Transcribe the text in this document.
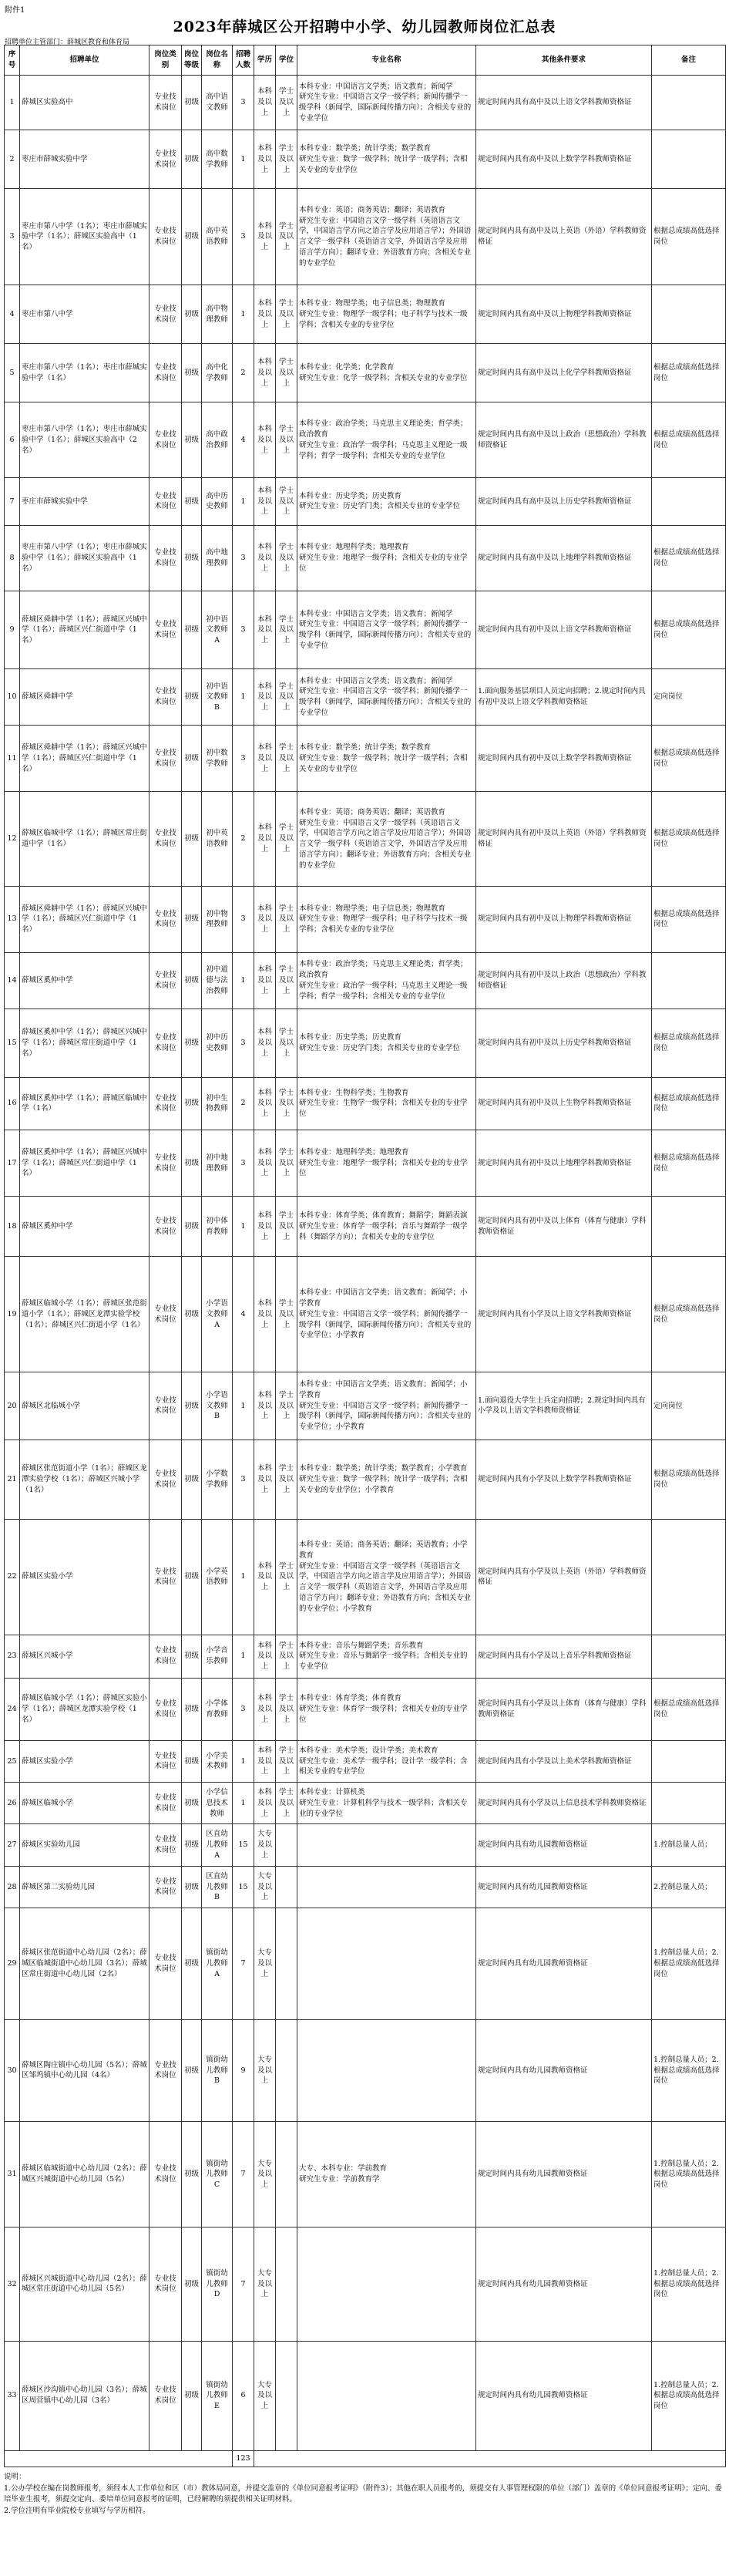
附件1
2023年薛城区公开招聘中小学、幼儿园教师岗位汇总表
招聘单位主管部门：薛城区教育和体育局
序号	招聘单位	岗位类别	岗位等级	岗位名称	招聘人数	学历	学位	专业名称	其他条件要求	备注
1	薛城区实验高中	专业技术岗位	初级	高中语文教师	3	本科及以上	学士及以上	本科专业：中国语言文学类；语文教育；新闻学

研究生专业：中国语言文学一级学科；新闻传播学一级学科（新闻学，国际新闻传播方向）；含相关专业的专业学位	规定时间内具有高中及以上语文学科教师资格证	
2	枣庄市薛城实验中学	专业技术岗位	初级	高中数学教师	1	本科及以上	学士及以上	本科专业：数学类；统计学类；数学教育

研究生专业：数学一级学科；统计学一级学科；含相关专业的专业学位	规定时间内具有高中及以上数学学科教师资格证	
3	枣庄市第八中学（1名）；枣庄市薛城实验中学（1名）；薛城区实验高中（1名）	专业技术岗位	初级	高中英语教师	3	本科及以上	学士及以上	本科专业：英语；商务英语；翻译；英语教育

研究生专业：中国语言文学一级学科（英语语言文学，中国语言学方向之语言学及应用语言学）；外国语言文学一级学科（英语语言文学，外国语言学及应用语言学方向）；翻译专业；外语教育方向；含相关专业的专业学位	规定时间内具有高中及以上英语（外语）学科教师资格证	根据总成绩高低选择岗位
4	枣庄市第八中学	专业技术岗位	初级	高中物理教师	1	本科及以上	学士及以上	本科专业：物理学类；电子信息类；物理教育

研究生专业：物理学一级学科；电子科学与技术一级学科；含相关专业的专业学位	规定时间内具有高中及以上物理学科教师资格证	
5	枣庄市第八中学（1名）；枣庄市薛城实验中学（1名）	专业技术岗位	初级	高中化学教师	2	本科及以上	学士及以上	本科专业：化学类；化学教育

研究生专业：化学一级学科；含相关专业的专业学位	规定时间内具有高中及以上化学学科教师资格证	根据总成绩高低选择岗位
6	枣庄市第八中学（1名）；枣庄市薛城实验中学（1名）；薛城区实验高中（2名）	专业技术岗位	初级	高中政治教师	4	本科及以上	学士及以上	本科专业：政治学类；马克思主义理论类；哲学类；政治教育

研究生专业：政治学一级学科；马克思主义理论一级学科；哲学一级学科；含相关专业的专业学位	规定时间内具有高中及以上政治（思想政治）学科教师资格证	根据总成绩高低选择岗位
7	枣庄市薛城实验中学	专业技术岗位	初级	高中历史教师	1	本科及以上	学士及以上	本科专业：历史学类；历史教育

研究生专业：历史学门类；含相关专业的专业学位	规定时间内具有高中及以上历史学科教师资格证	
8	枣庄市第八中学（1名）；枣庄市薛城实验中学（1名）；薛城区实验高中（1名）	专业技术岗位	初级	高中地理教师	3	本科及以上	学士及以上	本科专业：地理科学类；地理教育

研究生专业：地理学一级学科；含相关专业的专业学位	规定时间内具有高中及以上地理学科教师资格证	根据总成绩高低选择岗位
9	薛城区舜耕中学（1名）；薛城区兴城中学（1名）；薛城区兴仁街道中学（1名）	专业技术岗位	初级	初中语文教师A	3	本科及以上	学士及以上	本科专业：中国语言文学类；语文教育；新闻学

研究生专业：中国语言文学一级学科；新闻传播学一级学科（新闻学，国际新闻传播方向）；含相关专业的专业学位	规定时间内具有初中及以上语文学科教师资格证	根据总成绩高低选择岗位
10	薛城区舜耕中学	专业技术岗位	初级	初中语文教师B	1	本科及以上	学士及以上	本科专业：中国语言文学类；语文教育；新闻学

研究生专业：中国语言文学一级学科；新闻传播学一级学科（新闻学，国际新闻传播方向）；含相关专业的专业学位	1.面向服务基层项目人员定向招聘；2.规定时间内具有初中及以上语文学科教师资格证	定向岗位
11	薛城区舜耕中学（1名）；薛城区兴城中学（1名）；薛城区兴仁街道中学（1名）	专业技术岗位	初级	初中数学教师	3	本科及以上	学士及以上	本科专业：数学类；统计学类；数学教育

研究生专业：数学一级学科；统计学一级学科；含相关专业的专业学位	规定时间内具有初中及以上数学学科教师资格证	根据总成绩高低选择岗位
12	薛城区临城中学（1名）；薛城区常庄街道中学（1名）	专业技术岗位	初级	初中英语教师	2	本科及以上	学士及以上	本科专业：英语；商务英语；翻译；英语教育

研究生专业：中国语言文学一级学科（英语语言文学，中国语言学方向之语言学及应用语言学）；外国语言文学一级学科（英语语言文学，外国语言学及应用语言学方向）；翻译专业；外语教育方向；含相关专业的专业学位	规定时间内具有初中及以上英语（外语）学科教师资格证	根据总成绩高低选择岗位
13	薛城区舜耕中学（1名）；薛城区兴城中学（1名）；薛城区兴仁街道中学（1名）	专业技术岗位	初级	初中物理教师	3	本科及以上	学士及以上	本科专业：物理学类；电子信息类；物理教育

研究生专业：物理学一级学科；电子科学与技术一级学科；含相关专业的专业学位	规定时间内具有初中及以上物理学科教师资格证	根据总成绩高低选择岗位
14	薛城区奚仲中学	专业技术岗位	初级	初中道德与法治教师	1	本科及以上	学士及以上	本科专业：政治学类；马克思主义理论类；哲学类；政治教育

研究生专业：政治学一级学科；马克思主义理论一级学科；哲学一级学科；含相关专业的专业学位	规定时间内具有初中及以上政治（思想政治）学科教师资格证	
15	薛城区奚仲中学（1名）；薛城区兴城中学（1名）；薛城区常庄街道中学（1名）	专业技术岗位	初级	初中历史教师	3	本科及以上	学士及以上	本科专业：历史学类；历史教育

研究生专业：历史学门类；含相关专业的专业学位	规定时间内具有初中及以上历史学科教师资格证	根据总成绩高低选择岗位
16	薛城区奚仲中学（1名）；薛城区临城中学（1名）	专业技术岗位	初级	初中生物教师	2	本科及以上	学士及以上	本科专业：生物科学类；生物教育

研究生专业：生物学一级学科；含相关专业的专业学位	规定时间内具有初中及以上生物学科教师资格证	根据总成绩高低选择岗位
17	薛城区奚仲中学（1名）；薛城区兴城中学（1名）；薛城区兴仁街道中学（1名）	专业技术岗位	初级	初中地理教师	3	本科及以上	学士及以上	本科专业：地理科学类；地理教育

研究生专业：地理学一级学科；含相关专业的专业学位	规定时间内具有初中及以上地理学科教师资格证	根据总成绩高低选择岗位
18	薛城区奚仲中学	专业技术岗位	初级	初中体育教师	1	本科及以上	学士及以上	本科专业：体育学类；体育教育；舞蹈学；舞蹈表演

研究生专业：体育学一级学科；音乐与舞蹈学一级学科（舞蹈学方向）；含相关专业的专业学位	规定时间内具有初中及以上体育（体育与健康）学科教师资格证	
19	薛城区临城小学（1名）；薛城区张范街道小学（1名）；薛城区龙潭实验学校（1名）；薛城区兴仁街道小学（1名）	专业技术岗位	初级	小学语文教师A	4	本科及以上	学士及以上	本科专业：中国语言文学类；语文教育；新闻学；小学教育

研究生专业：中国语言文学一级学科；新闻传播学一级学科（新闻学，国际新闻传播方向）；含相关专业的专业学位；小学教育	规定时间内具有小学及以上语文学科教师资格证	根据总成绩高低选择岗位
20	薛城区北临城小学	专业技术岗位	初级	小学语文教师B	1	本科及以上	学士及以上	本科专业：中国语言文学类；语文教育；新闻学；小学教育

研究生专业：中国语言文学一级学科；新闻传播学一级学科（新闻学，国际新闻传播方向）；含相关专业的专业学位；小学教育	1.面向退役大学生士兵定向招聘；2.规定时间内具有小学及以上语文学科教师资格证	定向岗位
21	薛城区张范街道小学（1名）；薛城区龙潭实验学校（1名）；薛城区兴城小学（1名）	专业技术岗位	初级	小学数学教师	3	本科及以上	学士及以上	本科专业：数学类；统计学类；数学教育；小学教育

研究生专业：数学一级学科；统计学一级学科；含相关专业的专业学位；小学教育	规定时间内具有小学及以上数学学科教师资格证	根据总成绩高低选择岗位
22	薛城区实验小学	专业技术岗位	初级	小学英语教师	1	本科及以上	学士及以上	本科专业：英语；商务英语；翻译；英语教育；小学教育

研究生专业：中国语言文学一级学科（英语语言文学，中国语言学方向之语言学及应用语言学）；外国语言文学一级学科（英语语言文学，外国语言学及应用语言学方向）；翻译专业；外语教育方向；含相关专业的专业学位；小学教育	规定时间内具有小学及以上英语（外语）学科教师资格证	
23	薛城区兴城小学	专业技术岗位	初级	小学音乐教师	1	本科及以上	学士及以上	本科专业：音乐与舞蹈学类；音乐教育

研究生专业：音乐与舞蹈学一级学科；含相关专业的专业学位	规定时间内具有小学及以上音乐学科教师资格证	
24	薛城区临城小学（1名）；薛城区实验小学（1名）；薛城区龙潭实验学校（1名）	专业技术岗位	初级	小学体育教师	3	本科及以上	学士及以上	本科专业：体育学类；体育教育

研究生专业：体育学一级学科；含相关专业的专业学位	规定时间内具有小学及以上体育（体育与健康）学科教师资格证	根据总成绩高低选择岗位
25	薛城区实验小学	专业技术岗位	初级	小学美术教师	1	本科及以上	学士及以上	本科专业：美术学类；设计学类；美术教育

研究生专业：美术学一级学科；设计学一级学科；含相关专业的专业学位	规定时间内具有小学及以上美术学科教师资格证	
26	薛城区临城小学	专业技术岗位	初级	小学信息技术教师	1	本科及以上	学士及以上	本科专业：计算机类

研究生专业：计算机科学与技术一级学科；含相关专业的专业学位	规定时间内具有小学及以上信息技术学科教师资格证	
27	薛城区实验幼儿园	专业技术岗位	初级	区直幼儿教师A	15	大专及以上			规定时间内具有幼儿园教师资格证	1.控制总量人员；
28	薛城区第二实验幼儿园	专业技术岗位	初级	区直幼儿教师B	15	大专及以上			规定时间内具有幼儿园教师资格证	2.控制总量人员；
29	薛城区张范街道中心幼儿园（2名）；薛城区临城街道中心幼儿园（3名）；薛城区常庄街道中心幼儿园（2名）	专业技术岗位	初级	镇街幼儿教师A	7	大专及以上			规定时间内具有幼儿园教师资格证	1.控制总量人员；2.根据总成绩高低选择岗位
30	薛城区陶庄镇中心幼儿园（5名）；薛城区邹坞镇中心幼儿园（4名）	专业技术岗位	初级	镇街幼儿教师B	9	大专及以上			规定时间内具有幼儿园教师资格证	1.控制总量人员；2.根据总成绩高低选择岗位
31	薛城区临城街道中心幼儿园（2名）；薛城区兴城街道中心幼儿园（5名）	专业技术岗位	初级	镇街幼儿教师C	7	大专及以上		大专、本科专业：学前教育

研究生专业：学前教育学	规定时间内具有幼儿园教师资格证	1.控制总量人员；2.根据总成绩高低选择岗位
32	薛城区兴城街道中心幼儿园（2名）；薛城区常庄街道中心幼儿园（5名）	专业技术岗位	初级	镇街幼儿教师D	7	大专及以上			规定时间内具有幼儿园教师资格证	1.控制总量人员；2.根据总成绩高低选择岗位
33	薛城区沙沟镇中心幼儿园（3名）；薛城区周营镇中心幼儿园（3名）	专业技术岗位	初级	镇街幼儿教师E	6	大专及以上			规定时间内具有幼儿园教师资格证	1.控制总量人员；2.根据总成绩高低选择岗位
					123					

说明：

1.公办学校在编在岗教师报考，须经本人工作单位和区（市）教体局同意，并提交盖章的《单位同意报考证明》（附件3）；其他在职人员报考的，须提交有人事管理权限的单位（部门）盖章的《单位同意报考证明》；定向、委培毕业生报考，须提交定向、委培单位同意报考的证明，已经解聘的须提供相关证明材料。

2.学位注明有毕业院校专业填写与学历相符。
